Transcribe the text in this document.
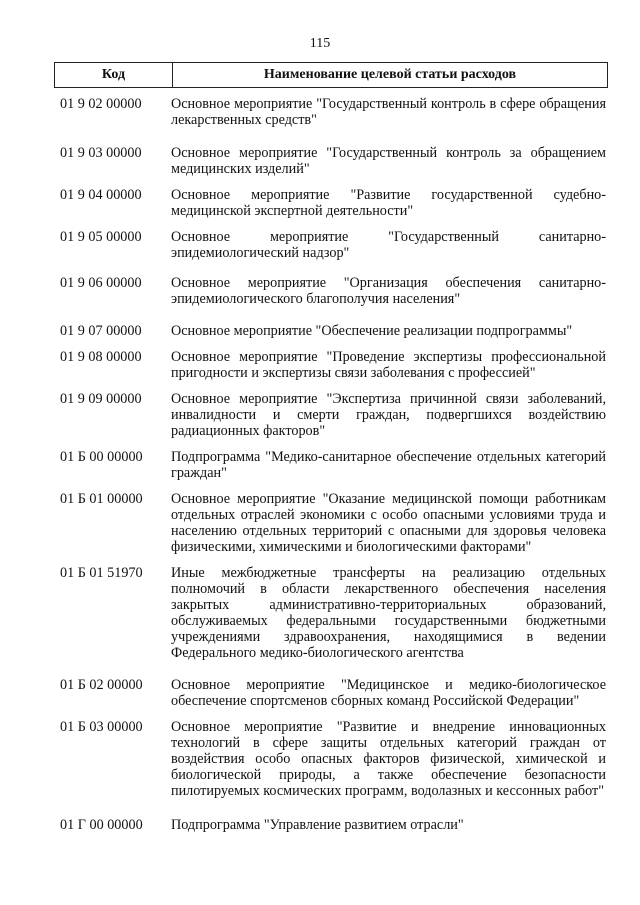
115
Код	Наименование целевой статьи расходов
01 9 02 00000	Основное мероприятие "Государственный контроль в сфере обращения лекарственных средств"
01 9 03 00000	Основное мероприятие "Государственный контроль за обращением медицинских изделий"
01 9 04 00000	Основное мероприятие "Развитие государственной судебно-медицинской экспертной деятельности"
01 9 05 00000	Основное мероприятие "Государственный санитарно-эпидемиологический надзор"
01 9 06 00000	Основное мероприятие "Организация обеспечения санитарно-эпидемиологического благополучия населения"
01 9 07 00000	Основное мероприятие "Обеспечение реализации подпрограммы"
01 9 08 00000	Основное мероприятие "Проведение экспертизы профессиональной пригодности и экспертизы связи заболевания с профессией"
01 9 09 00000	Основное мероприятие "Экспертиза причинной связи заболеваний, инвалидности и смерти граждан, подвергшихся воздействию радиационных факторов"
01 Б 00 00000	Подпрограмма "Медико-санитарное обеспечение отдельных категорий граждан"
01 Б 01 00000	Основное мероприятие "Оказание медицинской помощи работникам отдельных отраслей экономики с особо опасными условиями труда и населению отдельных территорий с опасными для здоровья человека физическими, химическими и биологическими факторами"
01 Б 01 51970	Иные межбюджетные трансферты на реализацию отдельных полномочий в области лекарственного обеспечения населения закрытых административно-территориальных образований, обслуживаемых федеральными государственными бюджетными учреждениями здравоохранения, находящимися в ведении Федерального медико-биологического агентства
01 Б 02 00000	Основное мероприятие "Медицинское и медико-биологическое обеспечение спортсменов сборных команд Российской Федерации"
01 Б 03 00000	Основное мероприятие "Развитие и внедрение инновационных технологий в сфере защиты отдельных категорий граждан от воздействия особо опасных факторов физической, химической и биологической природы, а также обеспечение безопасности пилотируемых космических программ, водолазных и кессонных работ"
01 Г 00 00000	Подпрограмма "Управление развитием отрасли"
